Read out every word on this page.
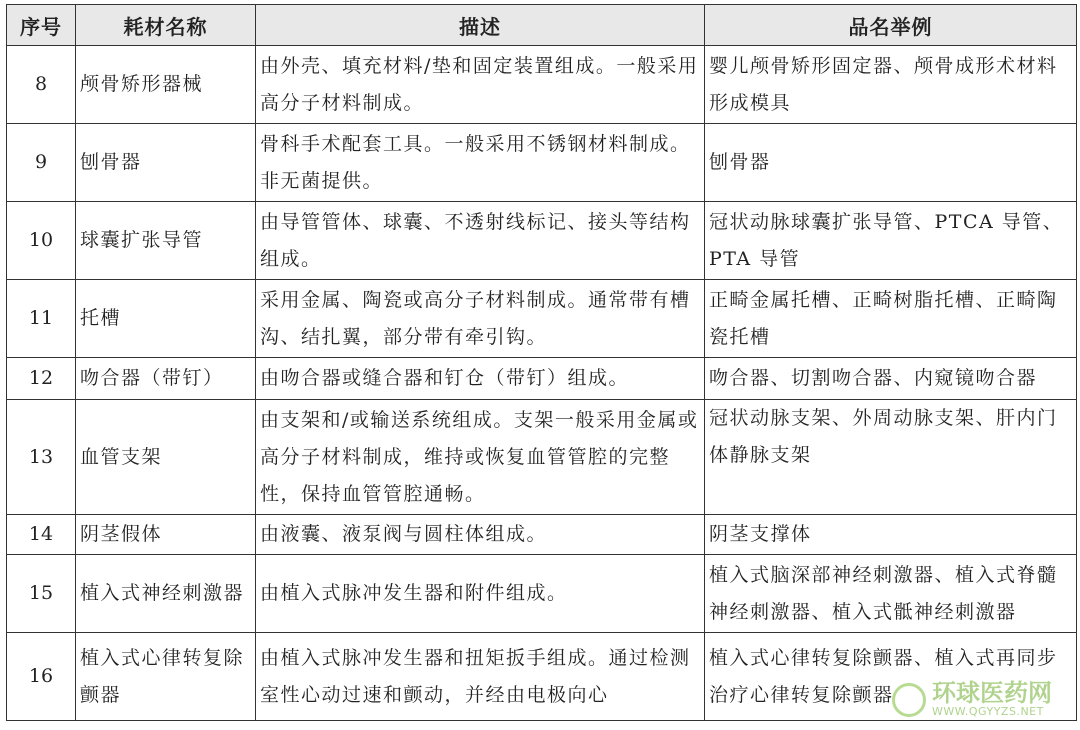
序号	耗材名称	描述	品名举例
8	颅骨矫形器械	由外壳、填充材料/垫和固定装置组成。一般采用高分子材料制成。	婴儿颅骨矫形固定器、颅骨成形术材料形成模具
9	刨骨器	骨科手术配套工具。一般采用不锈钢材料制成。非无菌提供。	刨骨器
10	球囊扩张导管	由导管管体、球囊、不透射线标记、接头等结构组成。	冠状动脉球囊扩张导管、PTCA 导管、PTA 导管
11	托槽	采用金属、陶瓷或高分子材料制成。通常带有槽沟、结扎翼，部分带有牵引钩。	正畸金属托槽、正畸树脂托槽、正畸陶瓷托槽
12	吻合器（带钉）	由吻合器或缝合器和钉仓（带钉）组成。	吻合器、切割吻合器、内窥镜吻合器
13	血管支架	由支架和/或输送系统组成。支架一般采用金属或高分子材料制成，维持或恢复血管管腔的完整性，保持血管管腔通畅。	冠状动脉支架、外周动脉支架、肝内门体静脉支架
14	阴茎假体	由液囊、液泵阀与圆柱体组成。	阴茎支撑体
15	植入式神经刺激器	由植入式脉冲发生器和附件组成。	植入式脑深部神经刺激器、植入式脊髓神经刺激器、植入式骶神经刺激器
16	植入式心律转复除颤器	由植入式脉冲发生器和扭矩扳手组成。通过检测室性心动过速和颤动，并经由电极向心	植入式心律转复除颤器、植入式再同步治疗心律转复除颤器 环球医药网
WWW.QGYYZS.NET
